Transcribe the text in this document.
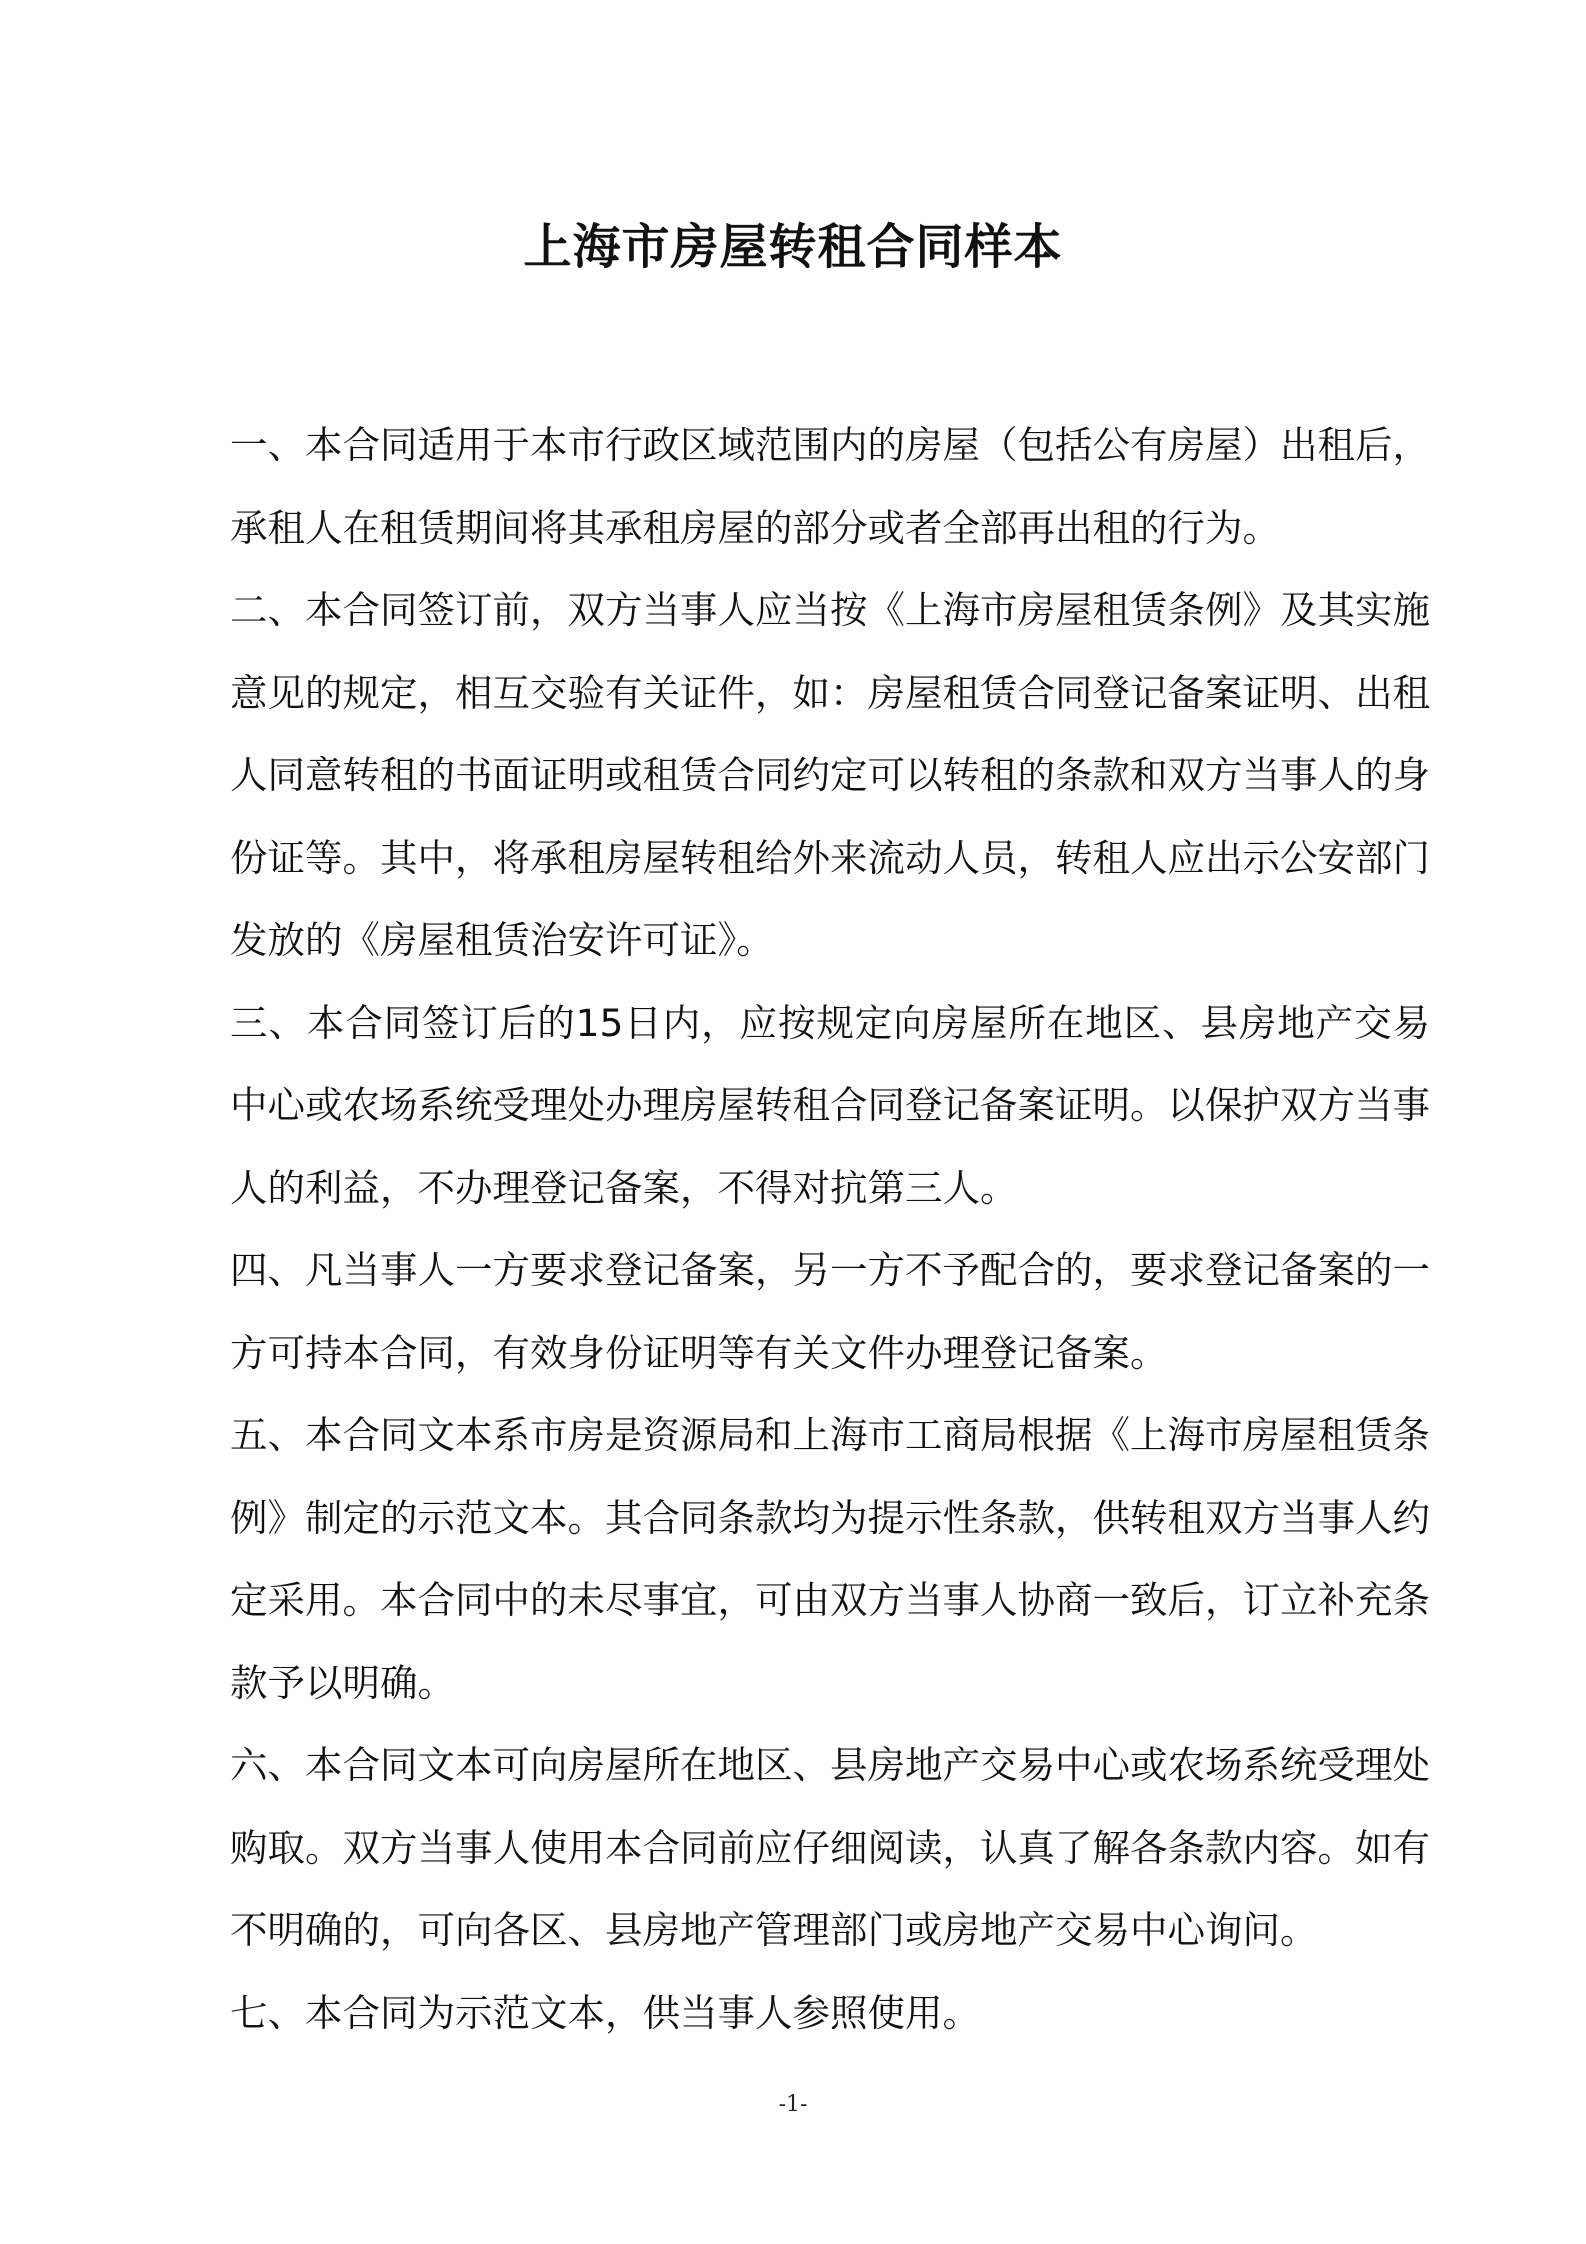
上海市房屋转租合同样本

一、本合同适用于本市行政区域范围内的房屋（包括公有房屋）出租后，承租人在租赁期间将其承租房屋的部分或者全部再出租的行为。

二、本合同签订前，双方当事人应当按《上海市房屋租赁条例》及其实施意见的规定，相互交验有关证件，如：房屋租赁合同登记备案证明、出租人同意转租的书面证明或租赁合同约定可以转租的条款和双方当事人的身份证等。其中，将承租房屋转租给外来流动人员，转租人应出示公安部门发放的《房屋租赁治安许可证》。

三、本合同签订后的15日内，应按规定向房屋所在地区、县房地产交易中心或农场系统受理处办理房屋转租合同登记备案证明。以保护双方当事人的利益，不办理登记备案，不得对抗第三人。

四、凡当事人一方要求登记备案，另一方不予配合的，要求登记备案的一方可持本合同，有效身份证明等有关文件办理登记备案。

五、本合同文本系市房是资源局和上海市工商局根据《上海市房屋租赁条例》制定的示范文本。其合同条款均为提示性条款，供转租双方当事人约定采用。本合同中的未尽事宜，可由双方当事人协商一致后，订立补充条款予以明确。

六、本合同文本可向房屋所在地区、县房地产交易中心或农场系统受理处购取。双方当事人使用本合同前应仔细阅读，认真了解各条款内容。如有不明确的，可向各区、县房地产管理部门或房地产交易中心询问。

七、本合同为示范文本，供当事人参照使用。

-1-
